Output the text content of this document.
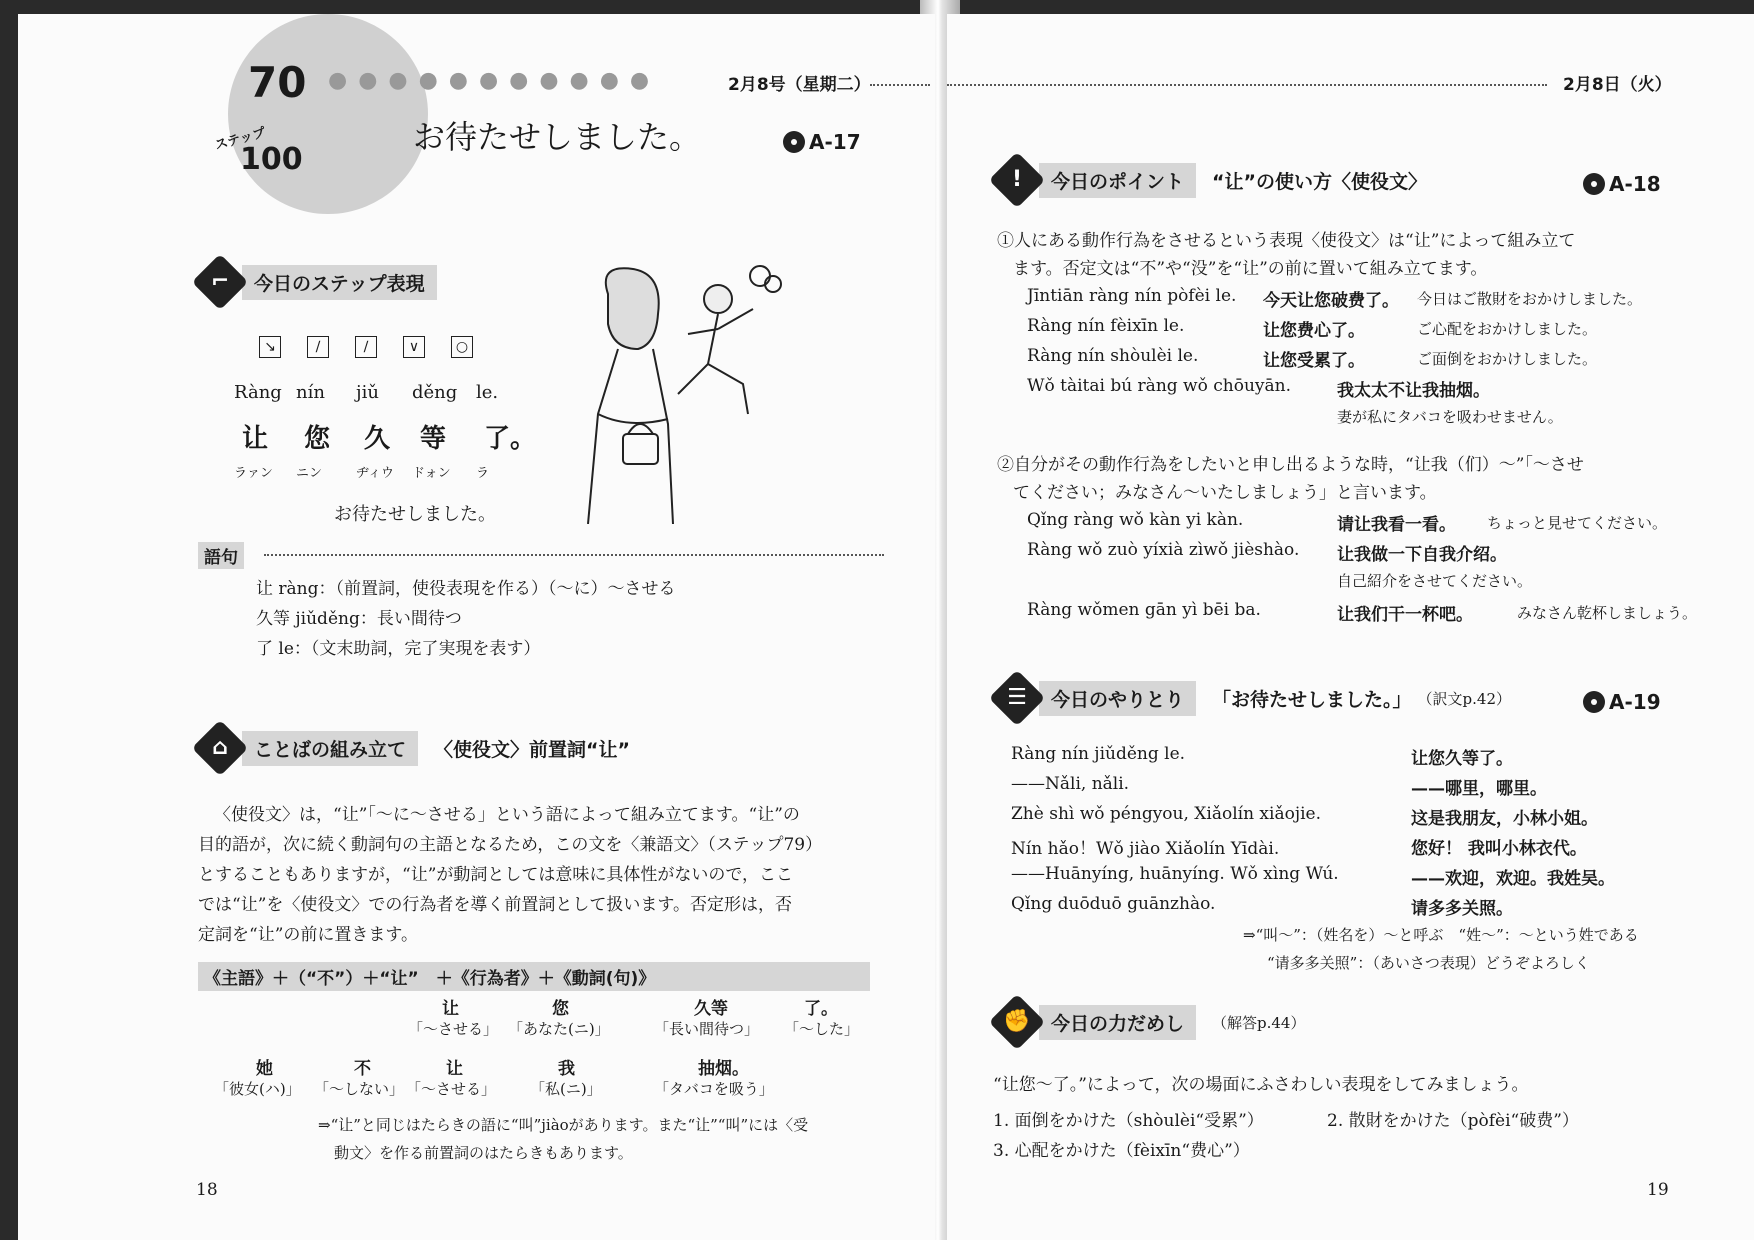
70
ステップ
100
● ● ● ● ● ● ● ● ● ● ●	2月8号（星期二）
お待たせしました。	A-17
⌐	今日のステップ表現
↘	∕	∕	∨	○
Ràng nín jiǔ děng le.
让 您 久 等 了。
ラァン ニン	ヂィウ ドォン ラ
お待たせしました。
語句
让 ràng：（前置詞，使役表現を作る）（〜に）〜させる
久等 jiǔděng：長い間待つ
了 le：（文末助詞，完了実現を表す）
⌂	ことばの組み立て	〈使役文〉前置詞“让”
〈使役文〉は，“让”「〜に〜させる」という語によって組み立てます。“让”の
目的語が，次に続く動詞句の主語となるため，この文を〈兼語文〉（ステップ79）
とすることもありますが，“让”が動詞としては意味に具体性がないので，ここ
では“让”を〈使役文〉での行為者を導く前置詞として扱います。否定形は，否
定詞を“让”の前に置きます。
《主語》＋（“不”）＋“让”　＋《行為者》＋《動詞(句)》
让	您	久等	了。
「〜させる」 「あなた(ニ)」	「長い間待つ」 「〜した」
她	不	让	我	抽烟。
「彼女(ハ)」 「〜しない」 「〜させる」 「私(ニ)」	「タバコを吸う」
⇒“让”と同じはたらきの語に“叫”jiàoがあります。また“让”“叫”には〈受
動文〉を作る前置詞のはたらきもあります。
18
2月8日（火）
!	今日のポイント	“让”の使い方〈使役文〉	A-18
①人にある動作行為をさせるという表現〈使役文〉は“让”によって組み立て
ます。否定文は“不”や“没”を“让”の前に置いて組み立てます。
Jīntiān ràng nín pòfèi le. 今天让您破费了。 今日はご散財をおかけしました。
Ràng nín fèixīn le.	让您费心了。	ご心配をおかけしました。
Ràng nín shòulèi le.	让您受累了。	ご面倒をおかけしました。
Wǒ tàitai bú ràng wǒ chōuyān.	我太太不让我抽烟。
妻が私にタバコを吸わせません。
②自分がその動作行為をしたいと申し出るような時，“让我（们）〜”「〜させ
てください；みなさん〜いたしましょう」と言います。
Qǐng ràng wǒ kàn yi kàn.	请让我看一看。 ちょっと見せてください。
Ràng wǒ zuò yíxià zìwǒ jièshào. 让我做一下自我介绍。
自己紹介をさせてください。
Ràng wǒmen gān yì bēi ba.	让我们干一杯吧。	みなさん乾杯しましょう。
☰	今日のやりとり	「お待たせしました。」 （訳文p.42）	A-19
Ràng nín jiǔděng le.	让您久等了。
——Nǎli, nǎli.	——哪里，哪里。
Zhè shì wǒ péngyou, Xiǎolín xiǎojie.	这是我朋友，小林小姐。
Nín hǎo！Wǒ jiào Xiǎolín Yīdài.	您好！ 我叫小林衣代。
——Huānyíng, huānyíng. Wǒ xìng Wú.	——欢迎，欢迎。我姓吴。
Qǐng duōduō guānzhào.	请多多关照。
⇒“叫〜”：（姓名を）〜と呼ぶ　“姓〜”：〜という姓である
“请多多关照”：（あいさつ表現）どうぞよろしく
✊	今日の力だめし	（解答p.44）
“让您〜了。”によって，次の場面にふさわしい表現をしてみましょう。
1. 面倒をかけた（shòulèi“受累”）	2. 散財をかけた（pòfèi“破费”）
3. 心配をかけた（fèixīn“费心”）
19
